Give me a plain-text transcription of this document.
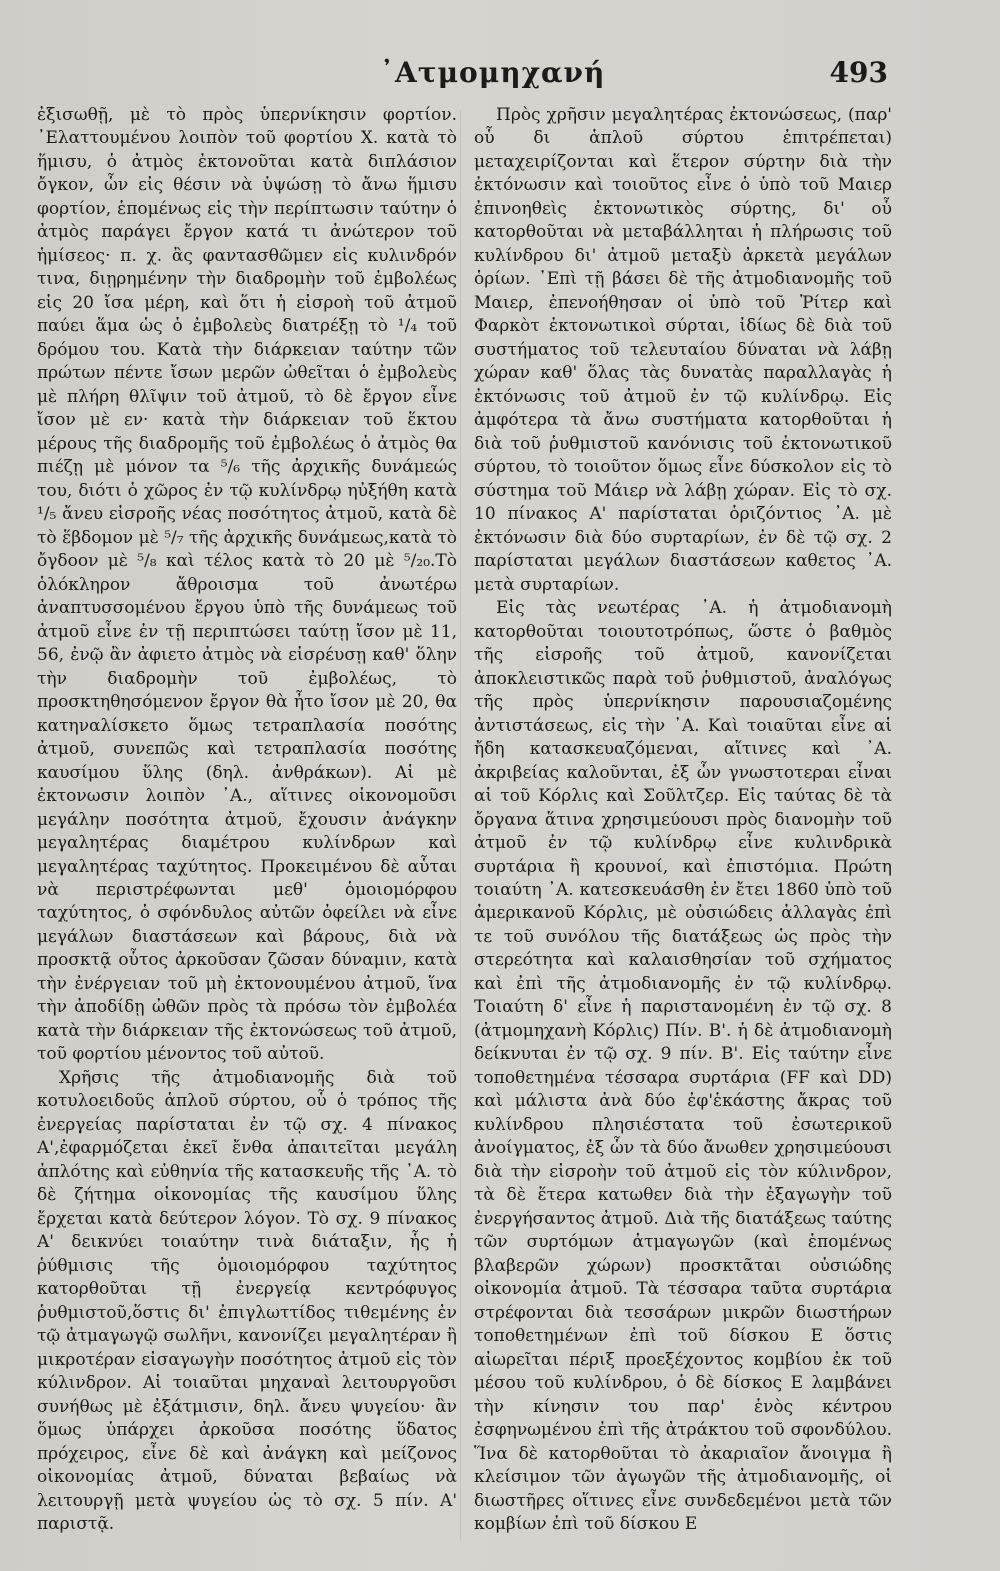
᾿Ατμομηχανή	493

ἐξισωθῇ, μὲ τὸ πρὸς ὑπερνίκησιν φορτίον. ᾿Ελαττουμένου λοιπὸν τοῦ φορτίου Χ. κατὰ τὸ ἥμισυ, ὁ ἀτμὸς ἐκτονοῦται κατὰ διπλάσιον ὄγκον, ὧν εἰς θέσιν νὰ ὑψώσῃ τὸ ἄνω ἥμισυ φορτίον, ἑπομένως εἰς τὴν περίπτωσιν ταύτην ὁ ἀτμὸς παράγει ἔργον κατά τι ἀνώτερον τοῦ ἡμίσεος· π. χ. ἂς φαντασθῶμεν εἰς κυλινδρόν τινα, διῃρημένην τὴν διαδρομὴν τοῦ ἐμβολέως εἰς 20 ἴσα μέρη, καὶ ὅτι ἡ εἰσροὴ τοῦ ἀτμοῦ παύει ἅμα ὡς ὁ ἐμβολεὺς διατρέξῃ τὸ ¹/₄ τοῦ δρόμου του. Κατὰ τὴν διάρκειαν ταύτην τῶν πρώτων πέντε ἴσων μερῶν ὠθεῖται ὁ ἐμβολεὺς μὲ πλήρη θλῖψιν τοῦ ἀτμοῦ, τὸ δὲ ἔργον εἶνε ἴσον μὲ εν· κατὰ τὴν διάρκειαν τοῦ ἕκτου μέρους τῆς διαδρομῆς τοῦ ἐμβολέως ὁ ἀτμὸς θα πιέζῃ μὲ μόνον τα ⁵/₆ τῆς ἀρχικῆς δυνάμεώς του, διότι ὁ χῶρος ἐν τῷ κυλίνδρῳ ηὐξήθη κατὰ ¹/₅ ἄνευ εἰσροῆς νέας ποσότητος ἀτμοῦ, κατὰ δὲ τὸ ἕβδομον μὲ ⁵/₇ τῆς ἀρχικῆς δυνάμεως,κατὰ τὸ ὄγδοον μὲ ⁵/₈ καὶ τέλος κατὰ τὸ 20 μὲ ⁵/₂₀.Τὸ ὁλόκληρον ἄθροισμα τοῦ ἀνωτέρω ἀναπτυσσομένου ἔργου ὑπὸ τῆς δυνάμεως τοῦ ἀτμοῦ εἶνε ἐν τῇ περιπτώσει ταύτῃ ἴσον μὲ 11, 56, ἐνῷ ἂν ἀφιετο ἀτμὸς νὰ εἰσρέυσῃ καθ' ὅλην τὴν διαδρομὴν τοῦ ἐμβολέως, τὸ προσκτηθησόμενον ἔργον θὰ ἦτο ἴσον μὲ 20, θα κατηναλίσκετο ὅμως τετραπλασία ποσότης ἀτμοῦ, συνεπῶς καὶ τετραπλασία ποσότης καυσίμου ὕλης (δηλ. ἀνθράκων). Αἱ μὲ ἐκτονωσιν λοιπὸν ᾿Α., αἵτινες οἰκονομοῦσι μεγάλην ποσότητα ἀτμοῦ, ἔχουσιν ἀνάγκην μεγαλητέρας διαμέτρου κυλίνδρων καὶ μεγαλητέρας ταχύτητος. Προκειμένου δὲ αὗται νὰ περιστρέφωνται μεθ' ὁμοιομόρφου ταχύτητος, ὁ σφόνδυλος αὐτῶν ὀφείλει νὰ εἶνε μεγάλων διαστάσεων καὶ βάρους, διὰ νὰ προσκτᾷ οὗτος ἀρκοῦσαν ζῶσαν δύναμιν, κατὰ τὴν ἐνέργειαν τοῦ μὴ ἐκτονουμένου ἀτμοῦ, ἵνα τὴν ἀποδίδῃ ὠθῶν πρὸς τὰ πρόσω τὸν ἐμβολέα κατὰ τὴν διάρκειαν τῆς ἐκτονώσεως τοῦ ἀτμοῦ, τοῦ φορτίου μένοντος τοῦ αὐτοῦ.

Χρῆσις τῆς ἀτμοδιανομῆς διὰ τοῦ κοτυλοειδοῦς ἁπλοῦ σύρτου, οὗ ὁ τρόπος τῆς ἐνεργείας παρίσταται ἐν τῷ σχ. 4 πίνακος Α',ἐφαρμόζεται ἐκεῖ ἔνθα ἀπαιτεῖται μεγάλη ἀπλότης καὶ εὐθηνία τῆς κατασκευῆς τῆς ᾿Α. τὸ δὲ ζήτημα οἰκονομίας τῆς καυσίμου ὕλης ἔρχεται κατὰ δεύτερον λόγον. Τὸ σχ. 9 πίνακος Α' δεικνύει τοιαύτην τινὰ διάταξιν, ἧς ἡ ῥύθμισις τῆς ὁμοιομόρφου ταχύτητος κατορθοῦται τῇ ἐνεργείᾳ κεντρόφυγος ῥυθμιστοῦ,ὅστις δι' ἐπιγλωττίδος τιθεμένης ἐν τῷ ἀτμαγωγῷ σωλῆνι, κανονίζει μεγαλητέραν ἢ μικροτέραν εἰσαγωγὴν ποσότητος ἀτμοῦ εἰς τὸν κύλινδρον. Αἱ τοιαῦται μηχαναὶ λειτουργοῦσι συνήθως μὲ ἐξάτμισιν, δηλ. ἄνευ ψυγείου· ἂν ὅμως ὑπάρχει ἀρκοῦσα ποσότης ὕδατος πρόχειρος, εἶνε δὲ καὶ ἀνάγκη καὶ μείζονος οἰκονομίας ἀτμοῦ, δύναται βεβαίως νὰ λειτουργῇ μετὰ ψυγείου ὡς τὸ σχ. 5 πίν. Α' παριστᾷ.

Πρὸς χρῆσιν μεγαλητέρας ἐκτονώσεως, (παρ' οὗ δι ἁπλοῦ σύρτου ἐπιτρέπεται) μεταχειρίζονται καὶ ἕτερον σύρτην διὰ τὴν ἐκτόνωσιν καὶ τοιοῦτος εἶνε ὁ ὑπὸ τοῦ Μαιερ ἐπινοηθεὶς ἐκτονωτικὸς σύρτης, δι' οὗ κατορθοῦται νὰ μεταβάλληται ἡ πλήρωσις τοῦ κυλίνδρου δι' ἀτμοῦ μεταξὺ ἀρκετὰ μεγάλων ὁρίων. ᾿Επὶ τῇ βάσει δὲ τῆς ἀτμοδιανομῆς τοῦ Μαιερ, ἐπενοήθησαν οἱ ὑπὸ τοῦ Ῥίτερ καὶ Φαρκὸτ ἐκτονωτικοὶ σύρται, ἰδίως δὲ διὰ τοῦ συστήματος τοῦ τελευταίου δύναται νὰ λάβῃ χώραν καθ' ὅλας τὰς δυνατὰς παραλλαγὰς ἡ ἐκτόνωσις τοῦ ἀτμοῦ ἐν τῷ κυλίνδρῳ. Εἰς ἀμφότερα τὰ ἄνω συστήματα κατορθοῦται ἡ διὰ τοῦ ῥυθμιστοῦ κανόνισις τοῦ ἐκτονωτικοῦ σύρτου, τὸ τοιοῦτον ὅμως εἶνε δύσκολον εἰς τὸ σύστημα τοῦ Μάιερ νὰ λάβῃ χώραν. Εἰς τὸ σχ. 10 πίνακος Α' παρίσταται ὁριζόντιος ᾿Α. μὲ ἐκτόνωσιν διὰ δύο συρταρίων, ἐν δὲ τῷ σχ. 2 παρίσταται μεγάλων διαστάσεων καθετος ᾿Α. μετὰ συρταρίων.

Εἰς τὰς νεωτέρας ᾿Α. ἡ ἀτμοδιανομὴ κατορθοῦται τοιουτοτρόπως, ὥστε ὁ βαθμὸς τῆς εἰσροῆς τοῦ ἀτμοῦ, κανονίζεται ἀποκλειστικῶς παρὰ τοῦ ῥυθμιστοῦ, ἀναλόγως τῆς πρὸς ὑπερνίκησιν παρουσιαζομένης ἀντιστάσεως, εἰς τὴν ᾿Α. Καὶ τοιαῦται εἶνε αἱ ἤδη κατασκευαζόμεναι, αἵτινες καὶ ᾿Α. ἀκριβείας καλοῦνται, ἐξ ὧν γνωστοτεραι εἶναι αἱ τοῦ Κόρλις καὶ Σοῦλτζερ. Εἰς ταύτας δὲ τὰ ὄργανα ἅτινα χρησιμεύουσι πρὸς διανομὴν τοῦ ἀτμοῦ ἐν τῷ κυλίνδρῳ εἶνε κυλινδρικὰ συρτάρια ἢ κρουνοί, καὶ ἐπιστόμια. Πρώτη τοιαύτη ᾿Α. κατεσκευάσθη ἐν ἔτει 1860 ὑπὸ τοῦ ἀμερικανοῦ Κόρλις, μὲ οὐσιώδεις ἀλλαγὰς ἐπὶ τε τοῦ συνόλου τῆς διατάξεως ὡς πρὸς τὴν στερεότητα καὶ καλαισθησίαν τοῦ σχήματος καὶ ἐπὶ τῆς ἀτμοδιανομῆς ἐν τῷ κυλίνδρῳ. Τοιαύτη δ' εἶνε ἡ παριστανομένη ἐν τῷ σχ. 8 (ἀτμομηχανὴ Κόρλις) Πίν. Β'. ἡ δὲ ἀτμοδιανομὴ δείκνυται ἐν τῷ σχ. 9 πίν. Β'. Εἰς ταύτην εἶνε τοποθετημένα τέσσαρα συρτάρια (FF καὶ DD) καὶ μάλιστα ἀνὰ δύο ἐφ'ἑκάστης ἄκρας τοῦ κυλίνδρου πλησιέστατα τοῦ ἐσωτερικοῦ ἀνοίγματος, ἐξ ὧν τὰ δύο ἄνωθεν χρησιμεύουσι διὰ τὴν εἰσροὴν τοῦ ἀτμοῦ εἰς τὸν κύλινδρον, τὰ δὲ ἕτερα κατωθεν διὰ τὴν ἐξαγωγὴν τοῦ ἐνεργήσαντος ἀτμοῦ. Διὰ τῆς διατάξεως ταύτης τῶν συρτόμων ἀτμαγωγῶν (καὶ ἑπομένως βλαβερῶν χώρων) προσκτᾶται οὐσιώδης οἰκονομία ἀτμοῦ. Τὰ τέσσαρα ταῦτα συρτάρια στρέφονται διὰ τεσσάρων μικρῶν διωστήρων τοποθετημένων ἐπὶ τοῦ δίσκου Ε ὅστις αἰωρεῖται πέριξ προεξέχοντος κομβίου ἐκ τοῦ μέσου τοῦ κυλίνδρου, ὁ δὲ δίσκος Ε λαμβάνει τὴν κίνησιν του παρ' ἑνὸς κέντρου ἐσφηνωμένου ἐπὶ τῆς ἀτράκτου τοῦ σφονδύλου. Ἵνα δὲ κατορθοῦται τὸ ἀκαριαῖον ἄνοιγμα ἢ κλείσιμον τῶν ἀγωγῶν τῆς ἀτμοδιανομῆς, οἱ διωστῆρες οἵτινες εἶνε συνδεδεμένοι μετὰ τῶν κομβίων ἐπὶ τοῦ δίσκου Ε
